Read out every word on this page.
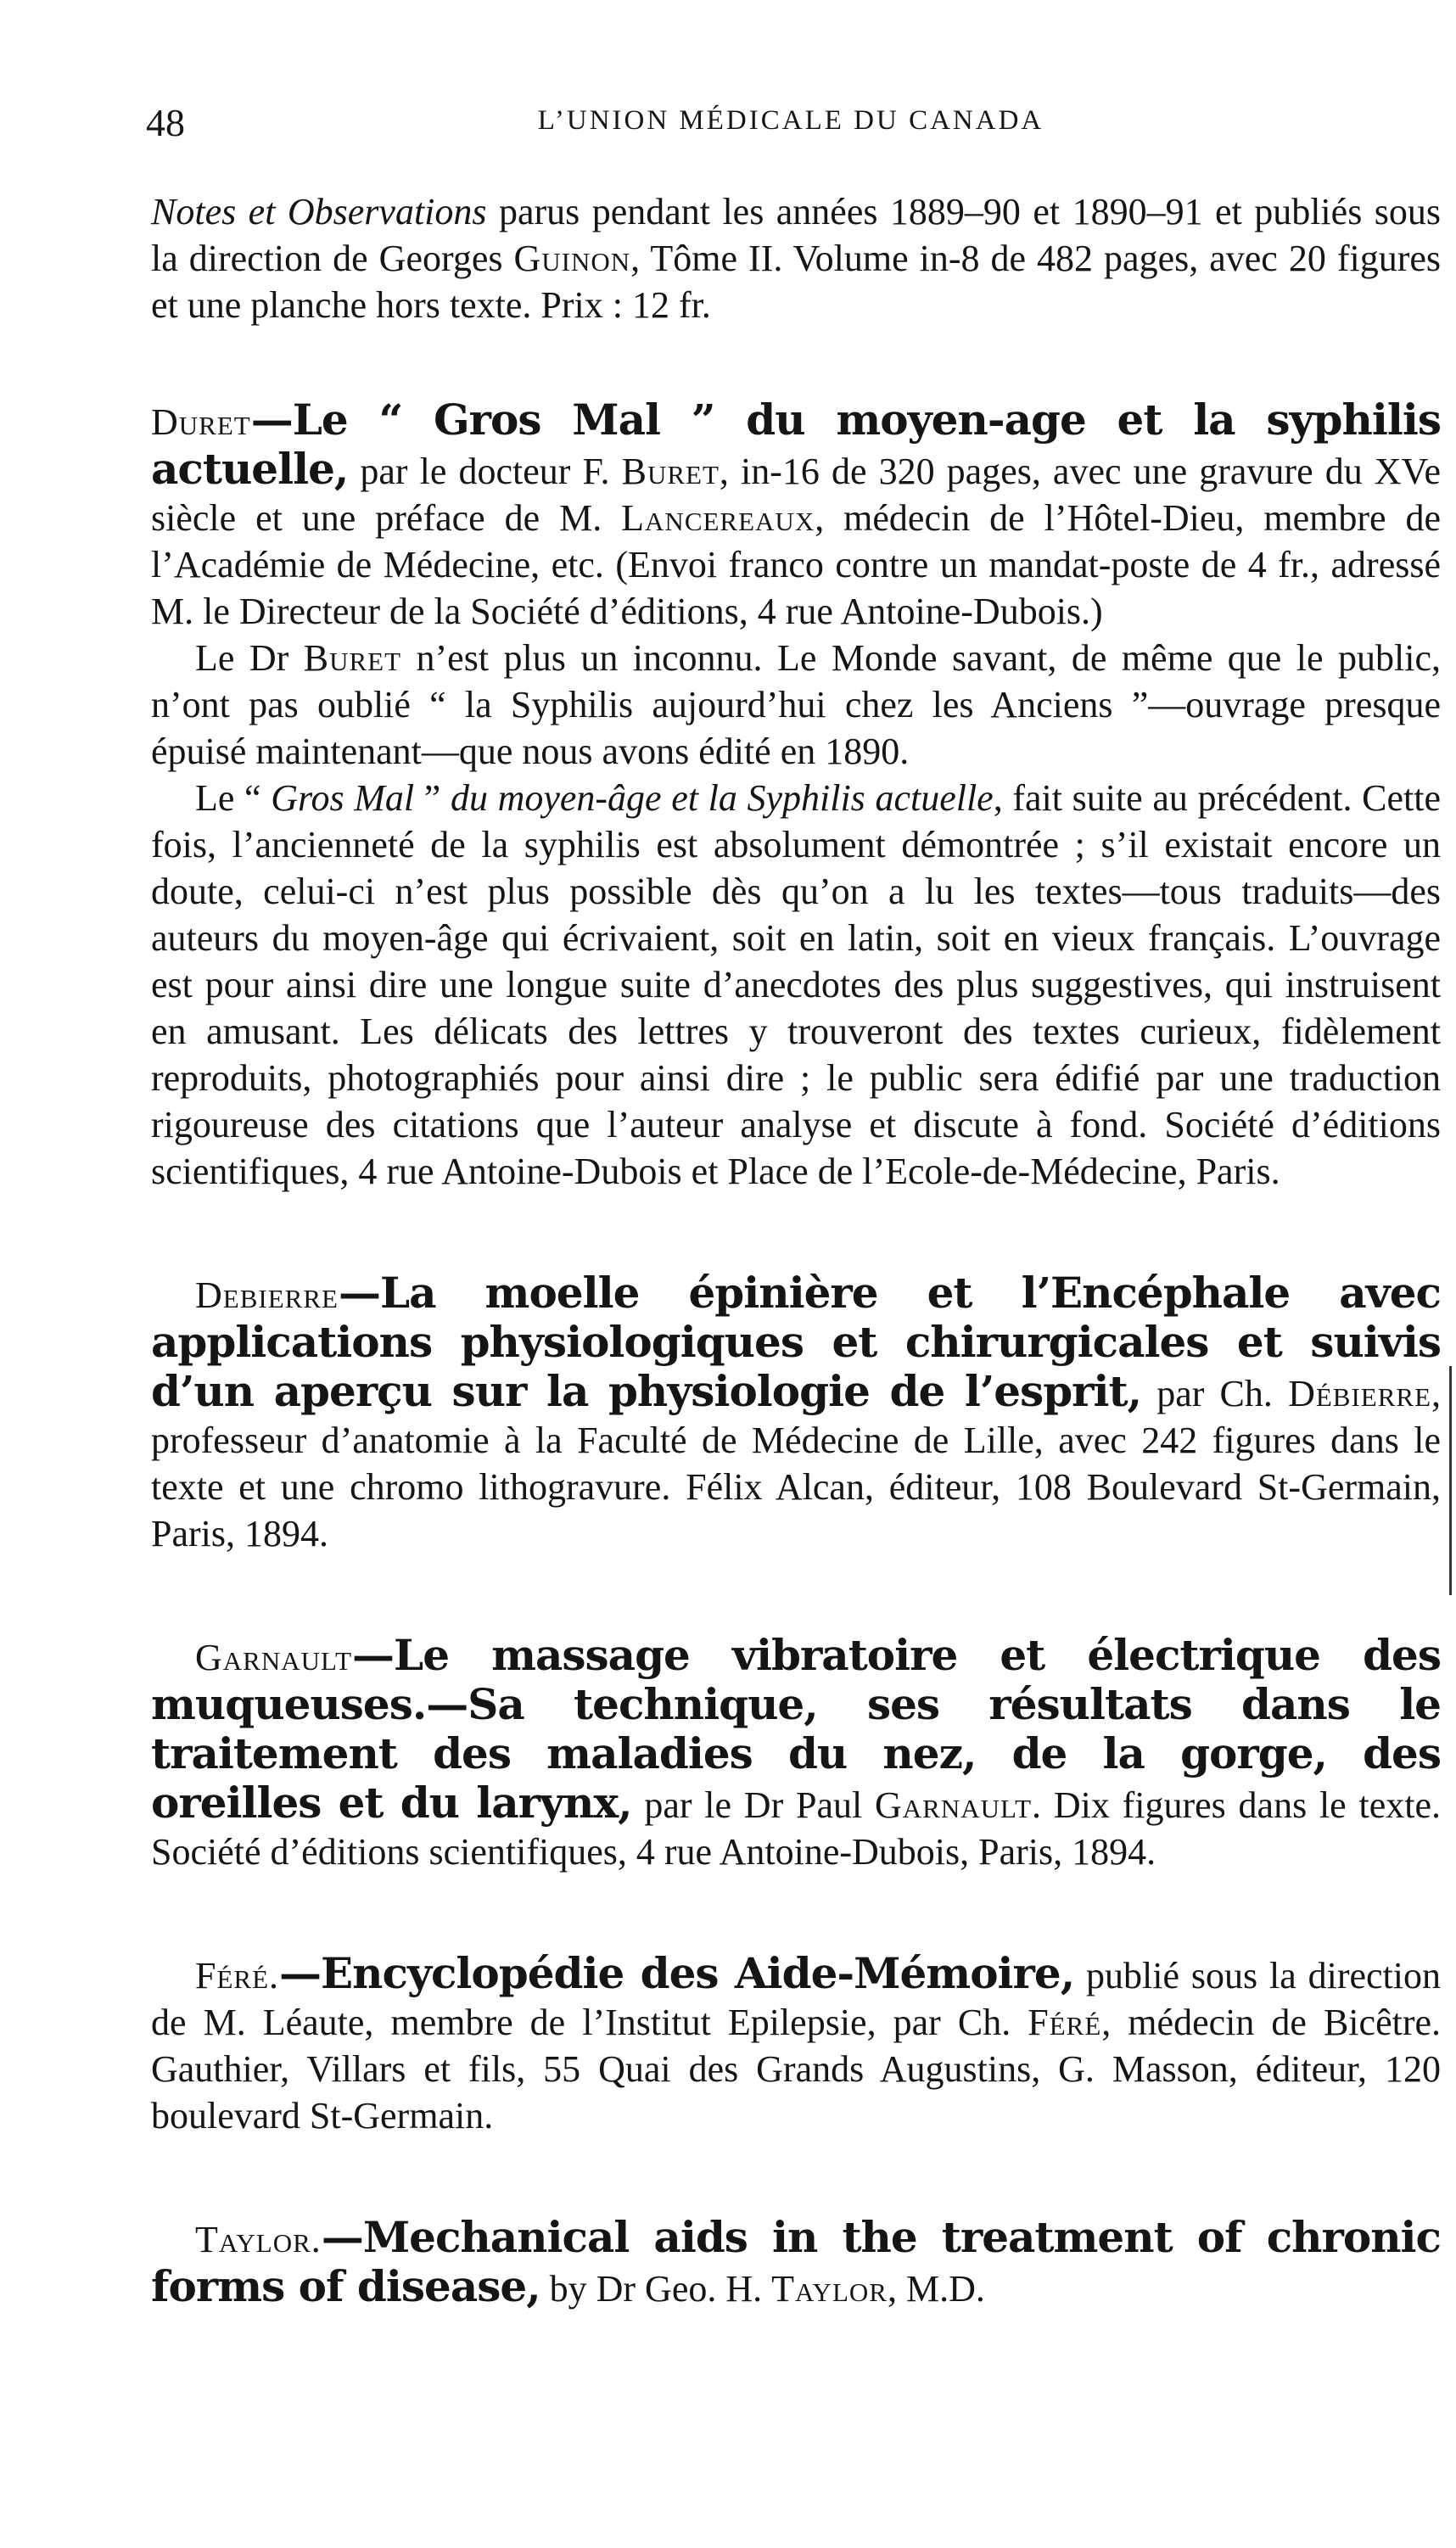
48	L’UNION MÉDICALE DU CANADA

Notes et Observations parus pendant les années 1889–90 et 1890–91 et publiés sous la direction de Georges Guinon, Tôme II. Volume in-8 de 482 pages, avec 20 figures et une planche hors texte. Prix : 12 fr.

Duret—Le “ Gros Mal ” du moyen-age et la syphilis actuelle, par le docteur F. Buret, in-16 de 320 pages, avec une gravure du XVe siècle et une préface de M. Lancereaux, médecin de l’Hôtel-Dieu, membre de l’Académie de Médecine, etc. (Envoi franco contre un mandat-poste de 4 fr., adressé M. le Directeur de la Société d’éditions, 4 rue Antoine-Dubois.)

Le Dr Buret n’est plus un inconnu. Le Monde savant, de même que le public, n’ont pas oublié “ la Syphilis aujourd’hui chez les Anciens ”—ouvrage presque épuisé maintenant—que nous avons édité en 1890.

Le “ Gros Mal ” du moyen-âge et la Syphilis actuelle, fait suite au précédent. Cette fois, l’ancienneté de la syphilis est absolument démontrée ; s’il existait encore un doute, celui-ci n’est plus possible dès qu’on a lu les textes—tous traduits—des auteurs du moyen-âge qui écrivaient, soit en latin, soit en vieux français. L’ouvrage est pour ainsi dire une longue suite d’anecdotes des plus suggestives, qui instruisent en amusant. Les délicats des lettres y trouveront des textes curieux, fidèlement reproduits, photographiés pour ainsi dire ; le public sera édifié par une traduction rigoureuse des citations que l’auteur analyse et discute à fond. Société d’éditions scientifiques, 4 rue Antoine-Dubois et Place de l’Ecole-de-Médecine, Paris.

Debierre—La moelle épinière et l’Encéphale avec applications physiologiques et chirurgicales et suivis d’un aperçu sur la physiologie de l’esprit, par Ch. Débierre, professeur d’anatomie à la Faculté de Médecine de Lille, avec 242 figures dans le texte et une chromo lithogravure. Félix Alcan, éditeur, 108 Boulevard St-Germain, Paris, 1894.

Garnault—Le massage vibratoire et électrique des muqueuses.—Sa technique, ses résultats dans le traitement des maladies du nez, de la gorge, des oreilles et du larynx, par le Dr Paul Garnault. Dix figures dans le texte. Société d’éditions scientifiques, 4 rue Antoine-Dubois, Paris, 1894.

Féré.—Encyclopédie des Aide-Mémoire, publié sous la direction de M. Léaute, membre de l’Institut Epilepsie, par Ch. Féré, médecin de Bicêtre. Gauthier, Villars et fils, 55 Quai des Grands Augustins, G. Masson, éditeur, 120 boulevard St-Germain.

Taylor.—Mechanical aids in the treatment of chronic forms of disease, by Dr Geo. H. Taylor, M.D.
